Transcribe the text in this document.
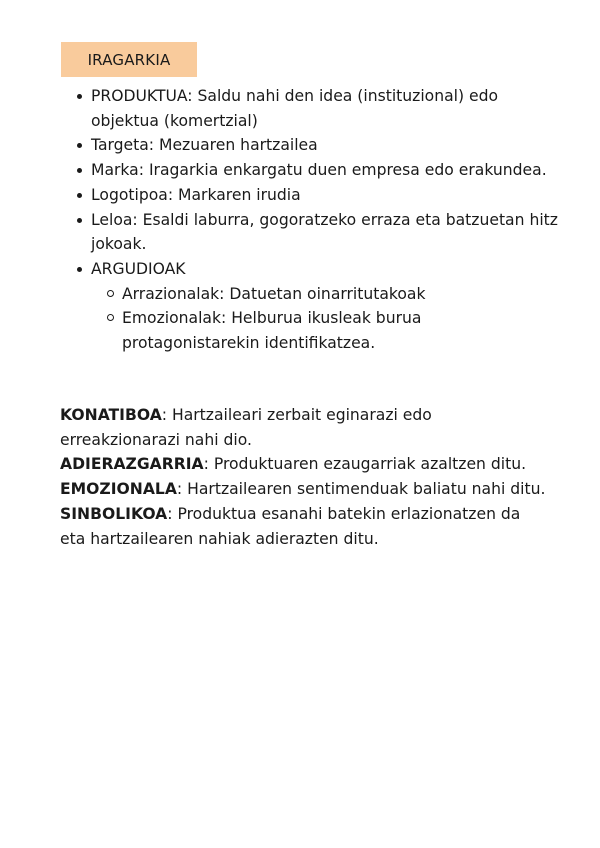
IRAGARKIA
PRODUKTUA: Saldu nahi den idea (instituzional) edo objektua (komertzial)
Targeta: Mezuaren hartzailea
Marka: Iragarkia enkargatu duen empresa edo erakundea.
Logotipoa: Markaren irudia
Leloa: Esaldi laburra, gogoratzeko erraza eta batzuetan hitz jokoak.
ARGUDIOAK
Arrazionalak: Datuetan oinarritutakoak
Emozionalak: Helburua ikusleak burua protagonistarekin identifikatzea.

KONATIBOA: Hartzaileari zerbait eginarazi edo erreakzionarazi nahi dio.

ADIERAZGARRIA: Produktuaren ezaugarriak azaltzen ditu.

EMOZIONALA: Hartzailearen sentimenduak baliatu nahi ditu.

SINBOLIKOA: Produktua esanahi batekin erlazionatzen da eta hartzailearen nahiak adierazten ditu.
